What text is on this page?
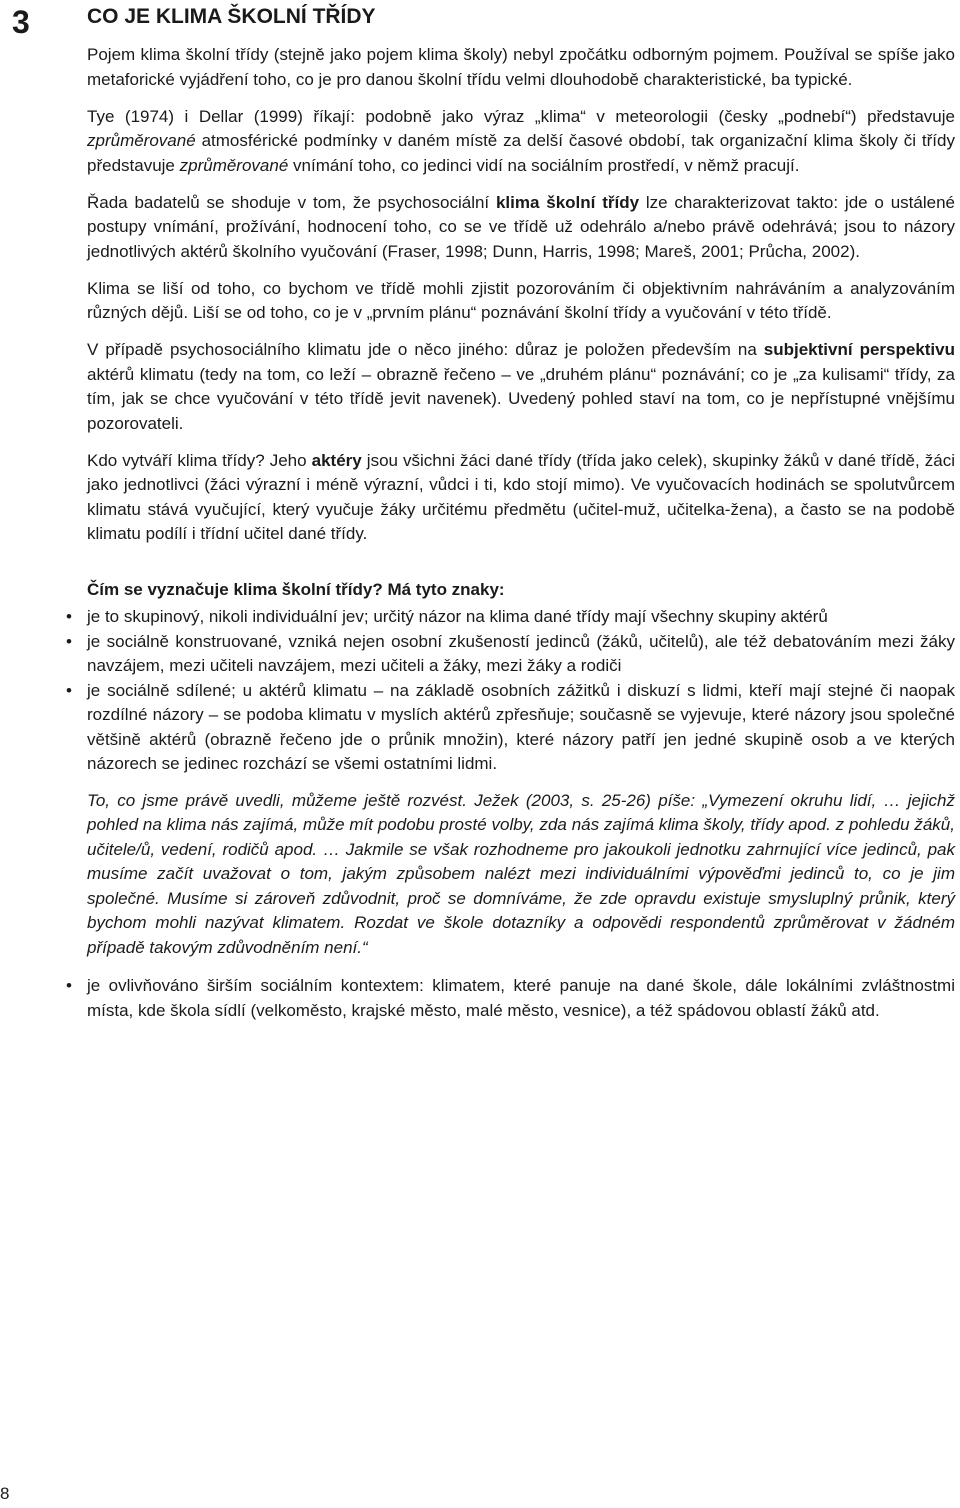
3	CO JE KLIMA ŠKOLNÍ TŘÍDY

Pojem klima školní třídy (stejně jako pojem klima školy) nebyl zpočátku odborným pojmem. Používal se spíše jako metaforické vyjádření toho, co je pro danou školní třídu velmi dlouhodobě charakteristické, ba typické.

Tye (1974) i Dellar (1999) říkají: podobně jako výraz „klima“ v meteorologii (česky „podnebí“) představuje zprůměrované atmosférické podmínky v daném místě za delší časové období, tak organizační klima školy či třídy představuje zprůměrované vnímání toho, co jedinci vidí na sociálním prostředí, v němž pracují.

Řada badatelů se shoduje v tom, že psychosociální klima školní třídy lze charakterizovat takto: jde o ustálené postupy vnímání, prožívání, hodnocení toho, co se ve třídě už odehrálo a/nebo právě odehrává; jsou to názory jednotlivých aktérů školního vyučování (Fraser, 1998; Dunn, Harris, 1998; Mareš, 2001; Průcha, 2002).

Klima se liší od toho, co bychom ve třídě mohli zjistit pozorováním či objektivním nahráváním a analyzováním různých dějů. Liší se od toho, co je v „prvním plánu“ poznávání školní třídy a vyučování v této třídě.

V případě psychosociálního klimatu jde o něco jiného: důraz je položen především na subjektivní perspektivu aktérů klimatu (tedy na tom, co leží – obrazně řečeno – ve „druhém plánu“ poznávání; co je „za kulisami“ třídy, za tím, jak se chce vyučování v této třídě jevit navenek). Uvedený pohled staví na tom, co je nepřístupné vnějšímu pozorovateli.

Kdo vytváří klima třídy? Jeho aktéry jsou všichni žáci dané třídy (třída jako celek), skupinky žáků v dané třídě, žáci jako jednotlivci (žáci výrazní i méně výrazní, vůdci i ti, kdo stojí mimo). Ve vyučovacích hodinách se spolutvůrcem klimatu stává vyučující, který vyučuje žáky určitému předmětu (učitel-muž, učitelka-žena), a často se na podobě klimatu podílí i třídní učitel dané třídy.

Čím se vyznačuje klima školní třídy? Má tyto znaky:
• je to skupinový, nikoli individuální jev; určitý názor na klima dané třídy mají všechny skupiny aktérů
• je sociálně konstruované, vzniká nejen osobní zkušeností jedinců (žáků, učitelů), ale též debatováním mezi žáky navzájem, mezi učiteli navzájem, mezi učiteli a žáky, mezi žáky a rodiči
• je sociálně sdílené; u aktérů klimatu – na základě osobních zážitků i diskuzí s lidmi, kteří mají stejné či naopak rozdílné názory – se podoba klimatu v myslích aktérů zpřesňuje; současně se vyjevuje, které názory jsou společné většině aktérů (obrazně řečeno jde o průnik množin), které názory patří jen jedné skupině osob a ve kterých názorech se jedinec rozchází se všemi ostatními lidmi.

To, co jsme právě uvedli, můžeme ještě rozvést. Ježek (2003, s. 25-26) píše: „Vymezení okruhu lidí, … jejichž pohled na klima nás zajímá, může mít podobu prosté volby, zda nás zajímá klima školy, třídy apod. z pohledu žáků, učitele/ů, vedení, rodičů apod. … Jakmile se však rozhodneme pro jakoukoli jednotku zahrnující více jedinců, pak musíme začít uvažovat o tom, jakým způsobem nalézt mezi individuálními výpověďmi jedinců to, co je jim společné. Musíme si zároveň zdůvodnit, proč se domníváme, že zde opravdu existuje smysluplný průnik, který bychom mohli nazývat klimatem. Rozdat ve škole dotazníky a odpovědi respondentů zprůměrovat v žádném případě takovým zdůvodněním není.“

• je ovlivňováno širším sociálním kontextem: klimatem, které panuje na dané škole, dále lokálními zvláštnostmi místa, kde škola sídlí (velkoměsto, krajské město, malé město, vesnice), a též spádovou oblastí žáků atd.
8
